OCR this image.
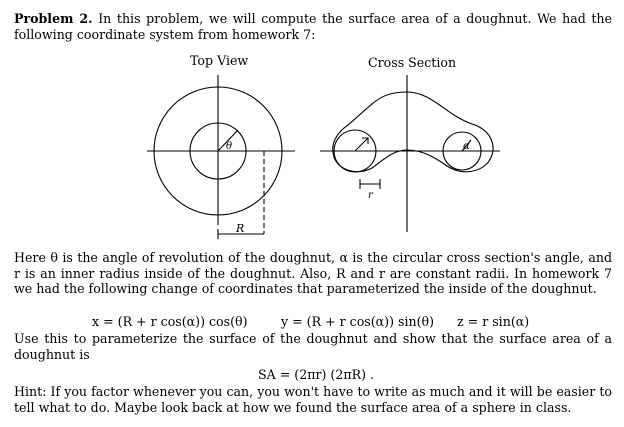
Problem 2. In this problem, we will compute the surface area of a doughnut. We had the following coordinate system from homework 7:

Top View	Cross Section
θ
R
α
r

Here θ is the angle of revolution of the doughnut, α is the circular cross section's angle, and r is an inner radius inside of the doughnut. Also, R and r are constant radii. In homework 7 we had the following change of coordinates that parameterized the inside of the doughnut.

x = (R + r cos(α)) cos(θ)	y = (R + r cos(α)) sin(θ) z = r sin(α)

Use this to parameterize the surface of the doughnut and show that the surface area of a doughnut is

SA = (2πr) (2πR) .

Hint: If you factor whenever you can, you won't have to write as much and it will be easier to tell what to do. Maybe look back at how we found the surface area of a sphere in class.
